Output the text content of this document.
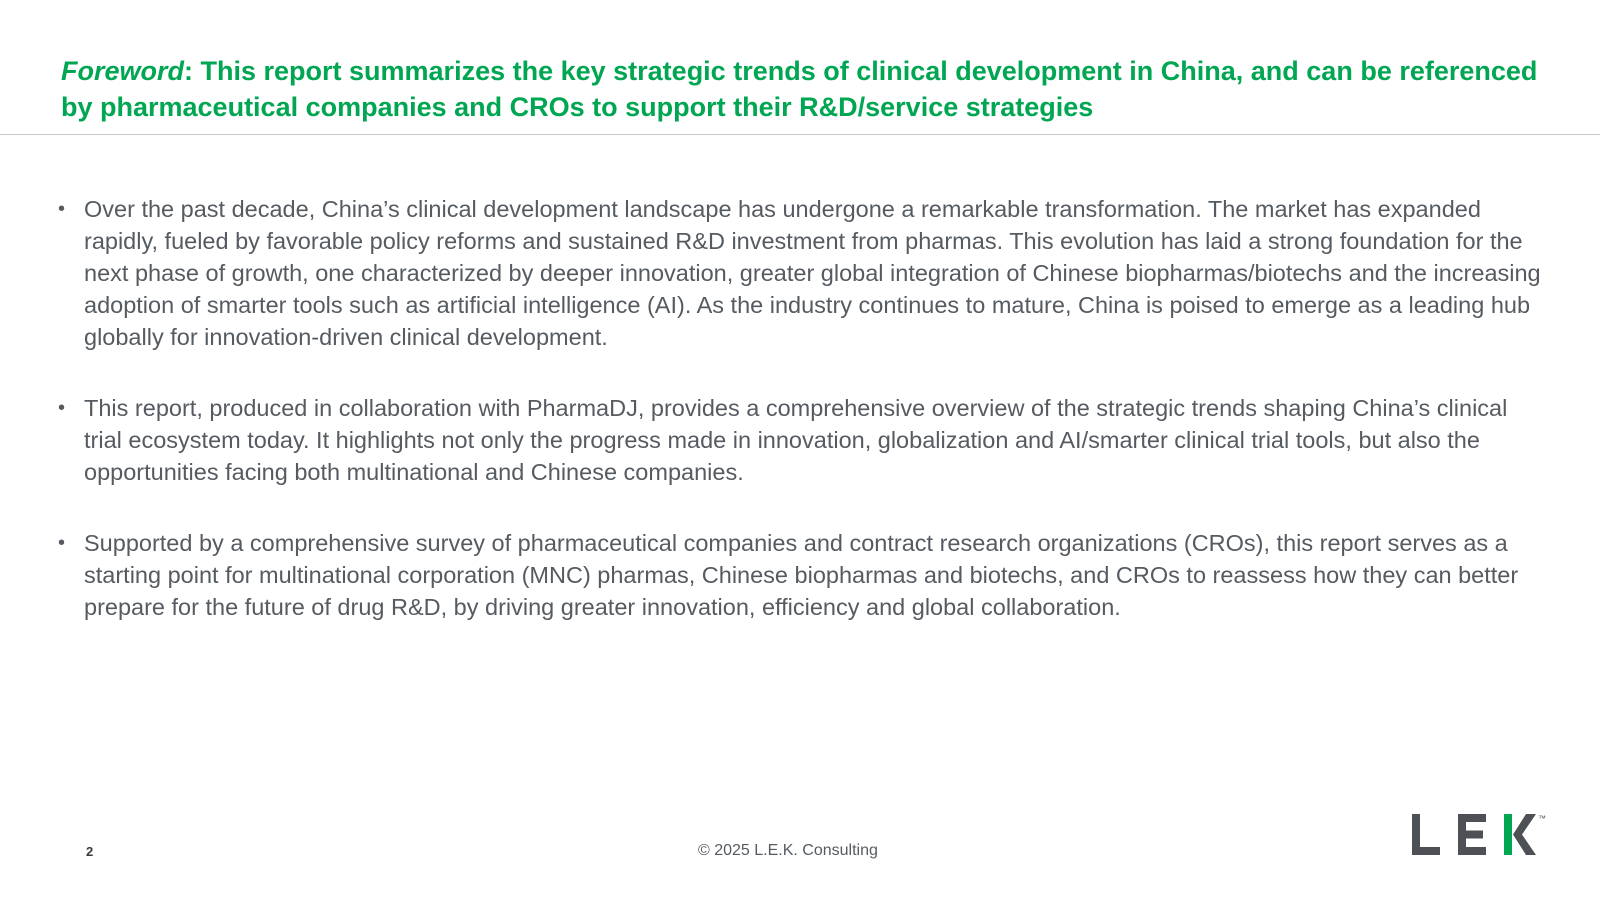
Foreword: This report summarizes the key strategic trends of clinical development in China, and can be referenced by pharmaceutical companies and CROs to support their R&D/service strategies
• Over the past decade, China’s clinical development landscape has undergone a remarkable transformation. The market has expanded rapidly, fueled by favorable policy reforms and sustained R&D investment from pharmas. This evolution has laid a strong foundation for the next phase of growth, one characterized by deeper innovation, greater global integration of Chinese biopharmas/biotechs and the increasing adoption of smarter tools such as artificial intelligence (AI). As the industry continues to mature, China is poised to emerge as a leading hub globally for innovation-driven clinical development.
• This report, produced in collaboration with PharmaDJ, provides a comprehensive overview of the strategic trends shaping China’s clinical trial ecosystem today. It highlights not only the progress made in innovation, globalization and AI/smarter clinical trial tools, but also the opportunities facing both multinational and Chinese companies.
• Supported by a comprehensive survey of pharmaceutical companies and contract research organizations (CROs), this report serves as a starting point for multinational corporation (MNC) pharmas, Chinese biopharmas and biotechs, and CROs to reassess how they can better prepare for the future of drug R&D, by driving greater innovation, efficiency and global collaboration.
2	© 2025 L.E.K. Consulting
™
